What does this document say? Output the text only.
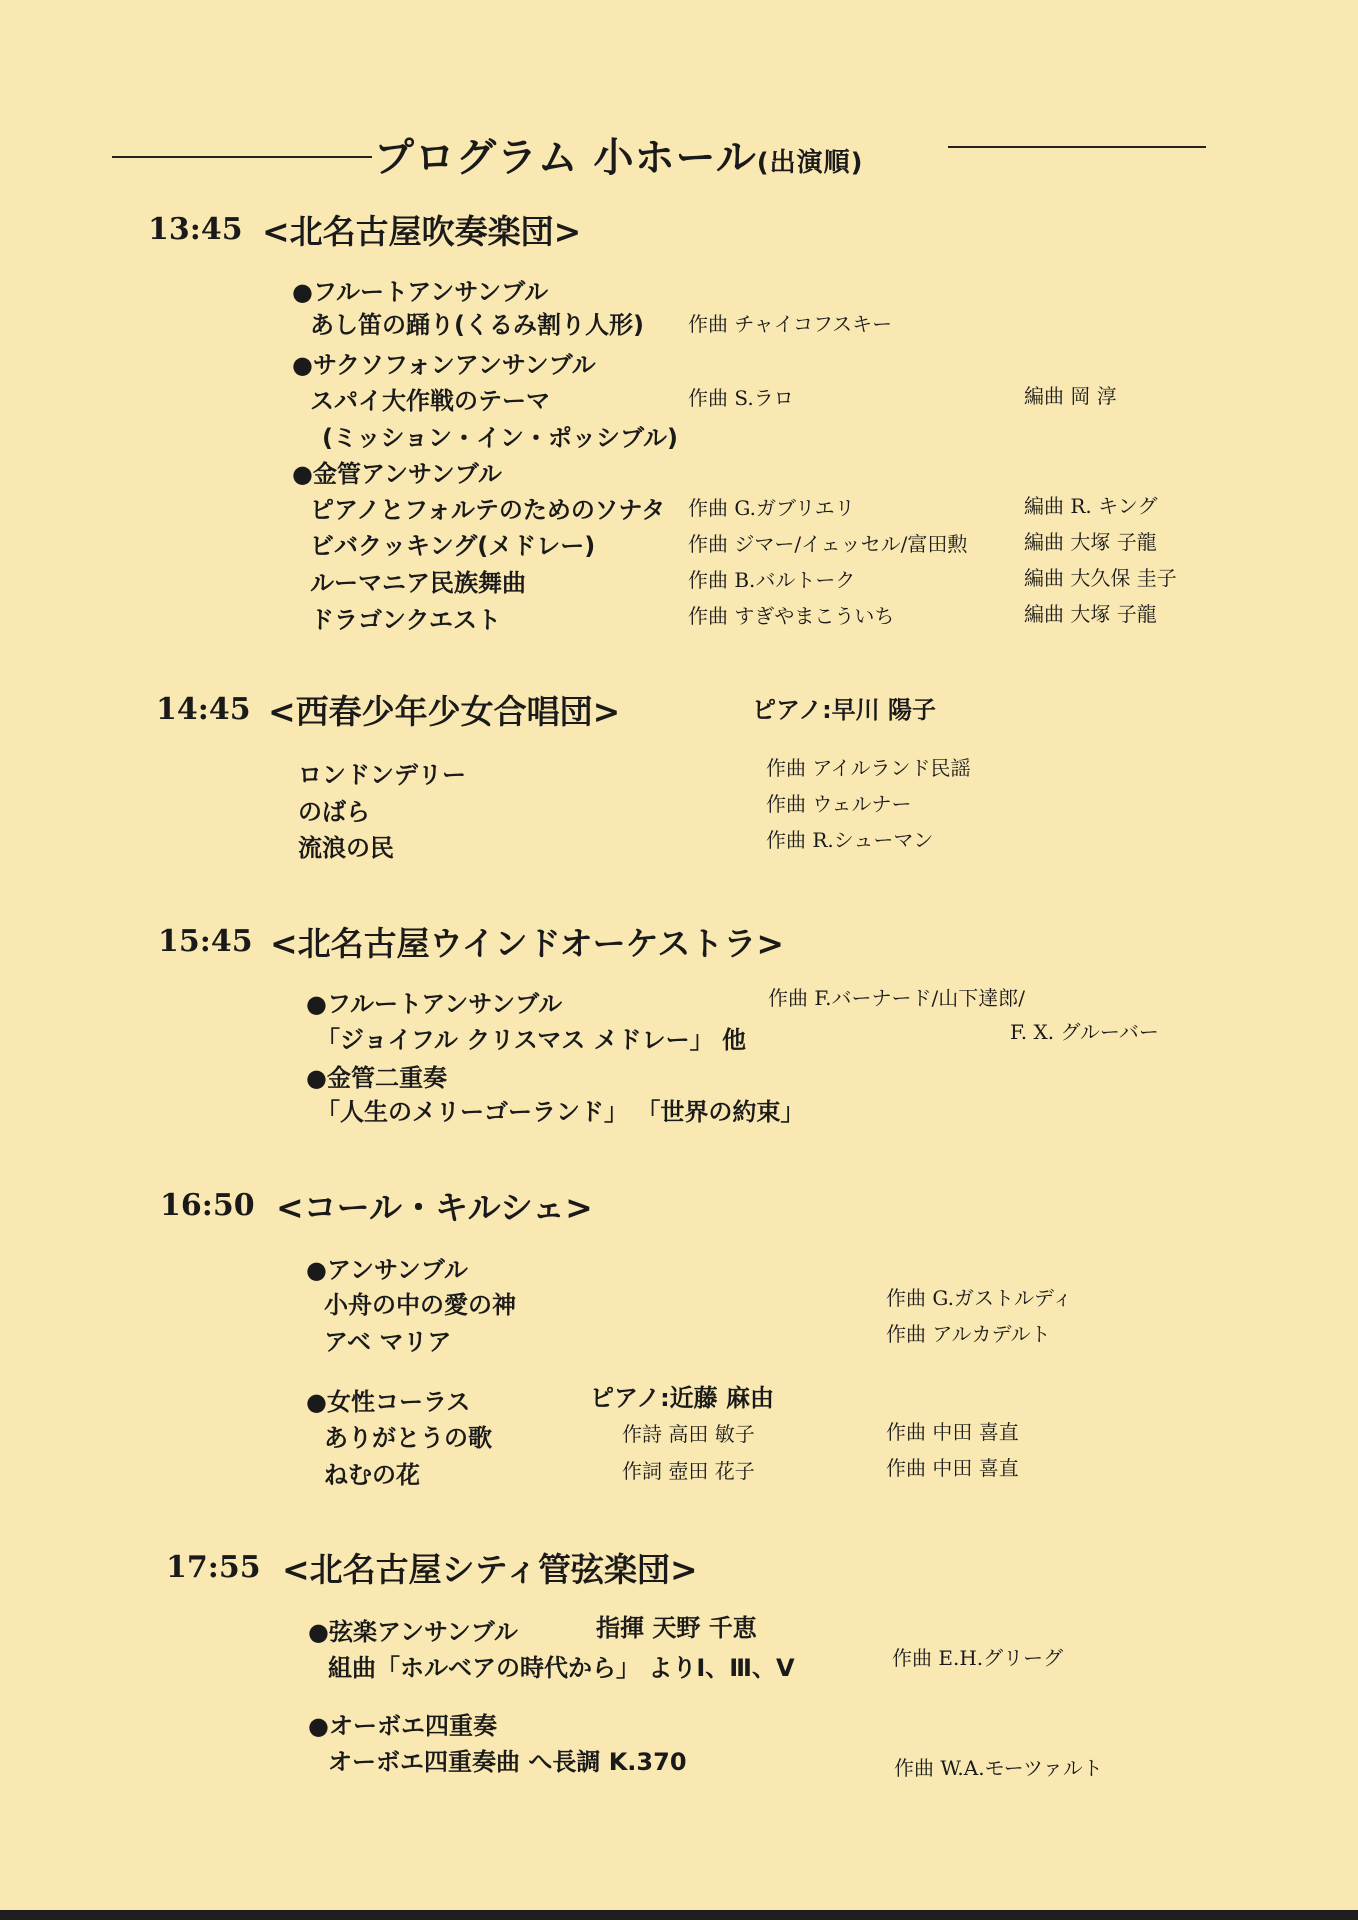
プログラム 小ホール(出演順)
13:45 <北名古屋吹奏楽団>
●フルートアンサンブル
あし笛の踊り(くるみ割り人形) 作曲 チャイコフスキー
●サクソフォンアンサンブル
スパイ大作戦のテーマ	作曲 S.ラロ	編曲 岡 淳
(ミッション・イン・ポッシブル)
●金管アンサンブル
ピアノとフォルテのためのソナタ 作曲 G.ガブリエリ	編曲 R. キング
ビバクッキング(メドレー)	作曲 ジマー/イェッセル/富田勲	編曲 大塚 子龍
ルーマニア民族舞曲	作曲 B.バルトーク	編曲 大久保 圭子
ドラゴンクエスト	作曲 すぎやまこういち	編曲 大塚 子龍
14:45 <西春少年少女合唱団>	ピアノ:早川 陽子
ロンドンデリー	作曲 アイルランド民謡
のばら	作曲 ウェルナー
流浪の民	作曲 R.シューマン
15:45 <北名古屋ウインドオーケストラ>
●フルートアンサンブル	作曲 F.バーナード/山下達郎/
「ジョイフル クリスマス メドレー」 他	F. X. グルーバー
●金管二重奏
「人生のメリーゴーランド」 「世界の約束」
16:50 <コール・キルシェ>
●アンサンブル
小舟の中の愛の神	作曲 G.ガストルディ
アベ マリア	作曲 アルカデルト
●女性コーラス	ピアノ:近藤 麻由
ありがとうの歌	作詩 高田 敏子	作曲 中田 喜直
ねむの花	作詞 壺田 花子	作曲 中田 喜直
17:55 <北名古屋シティ管弦楽団>
●弦楽アンサンブル	指揮 天野 千恵
組曲「ホルベアの時代から」 よりⅠ、Ⅲ、Ⅴ	作曲 E.H.グリーグ
●オーボエ四重奏
オーボエ四重奏曲 へ長調 K.370	作曲 W.A.モーツァルト
